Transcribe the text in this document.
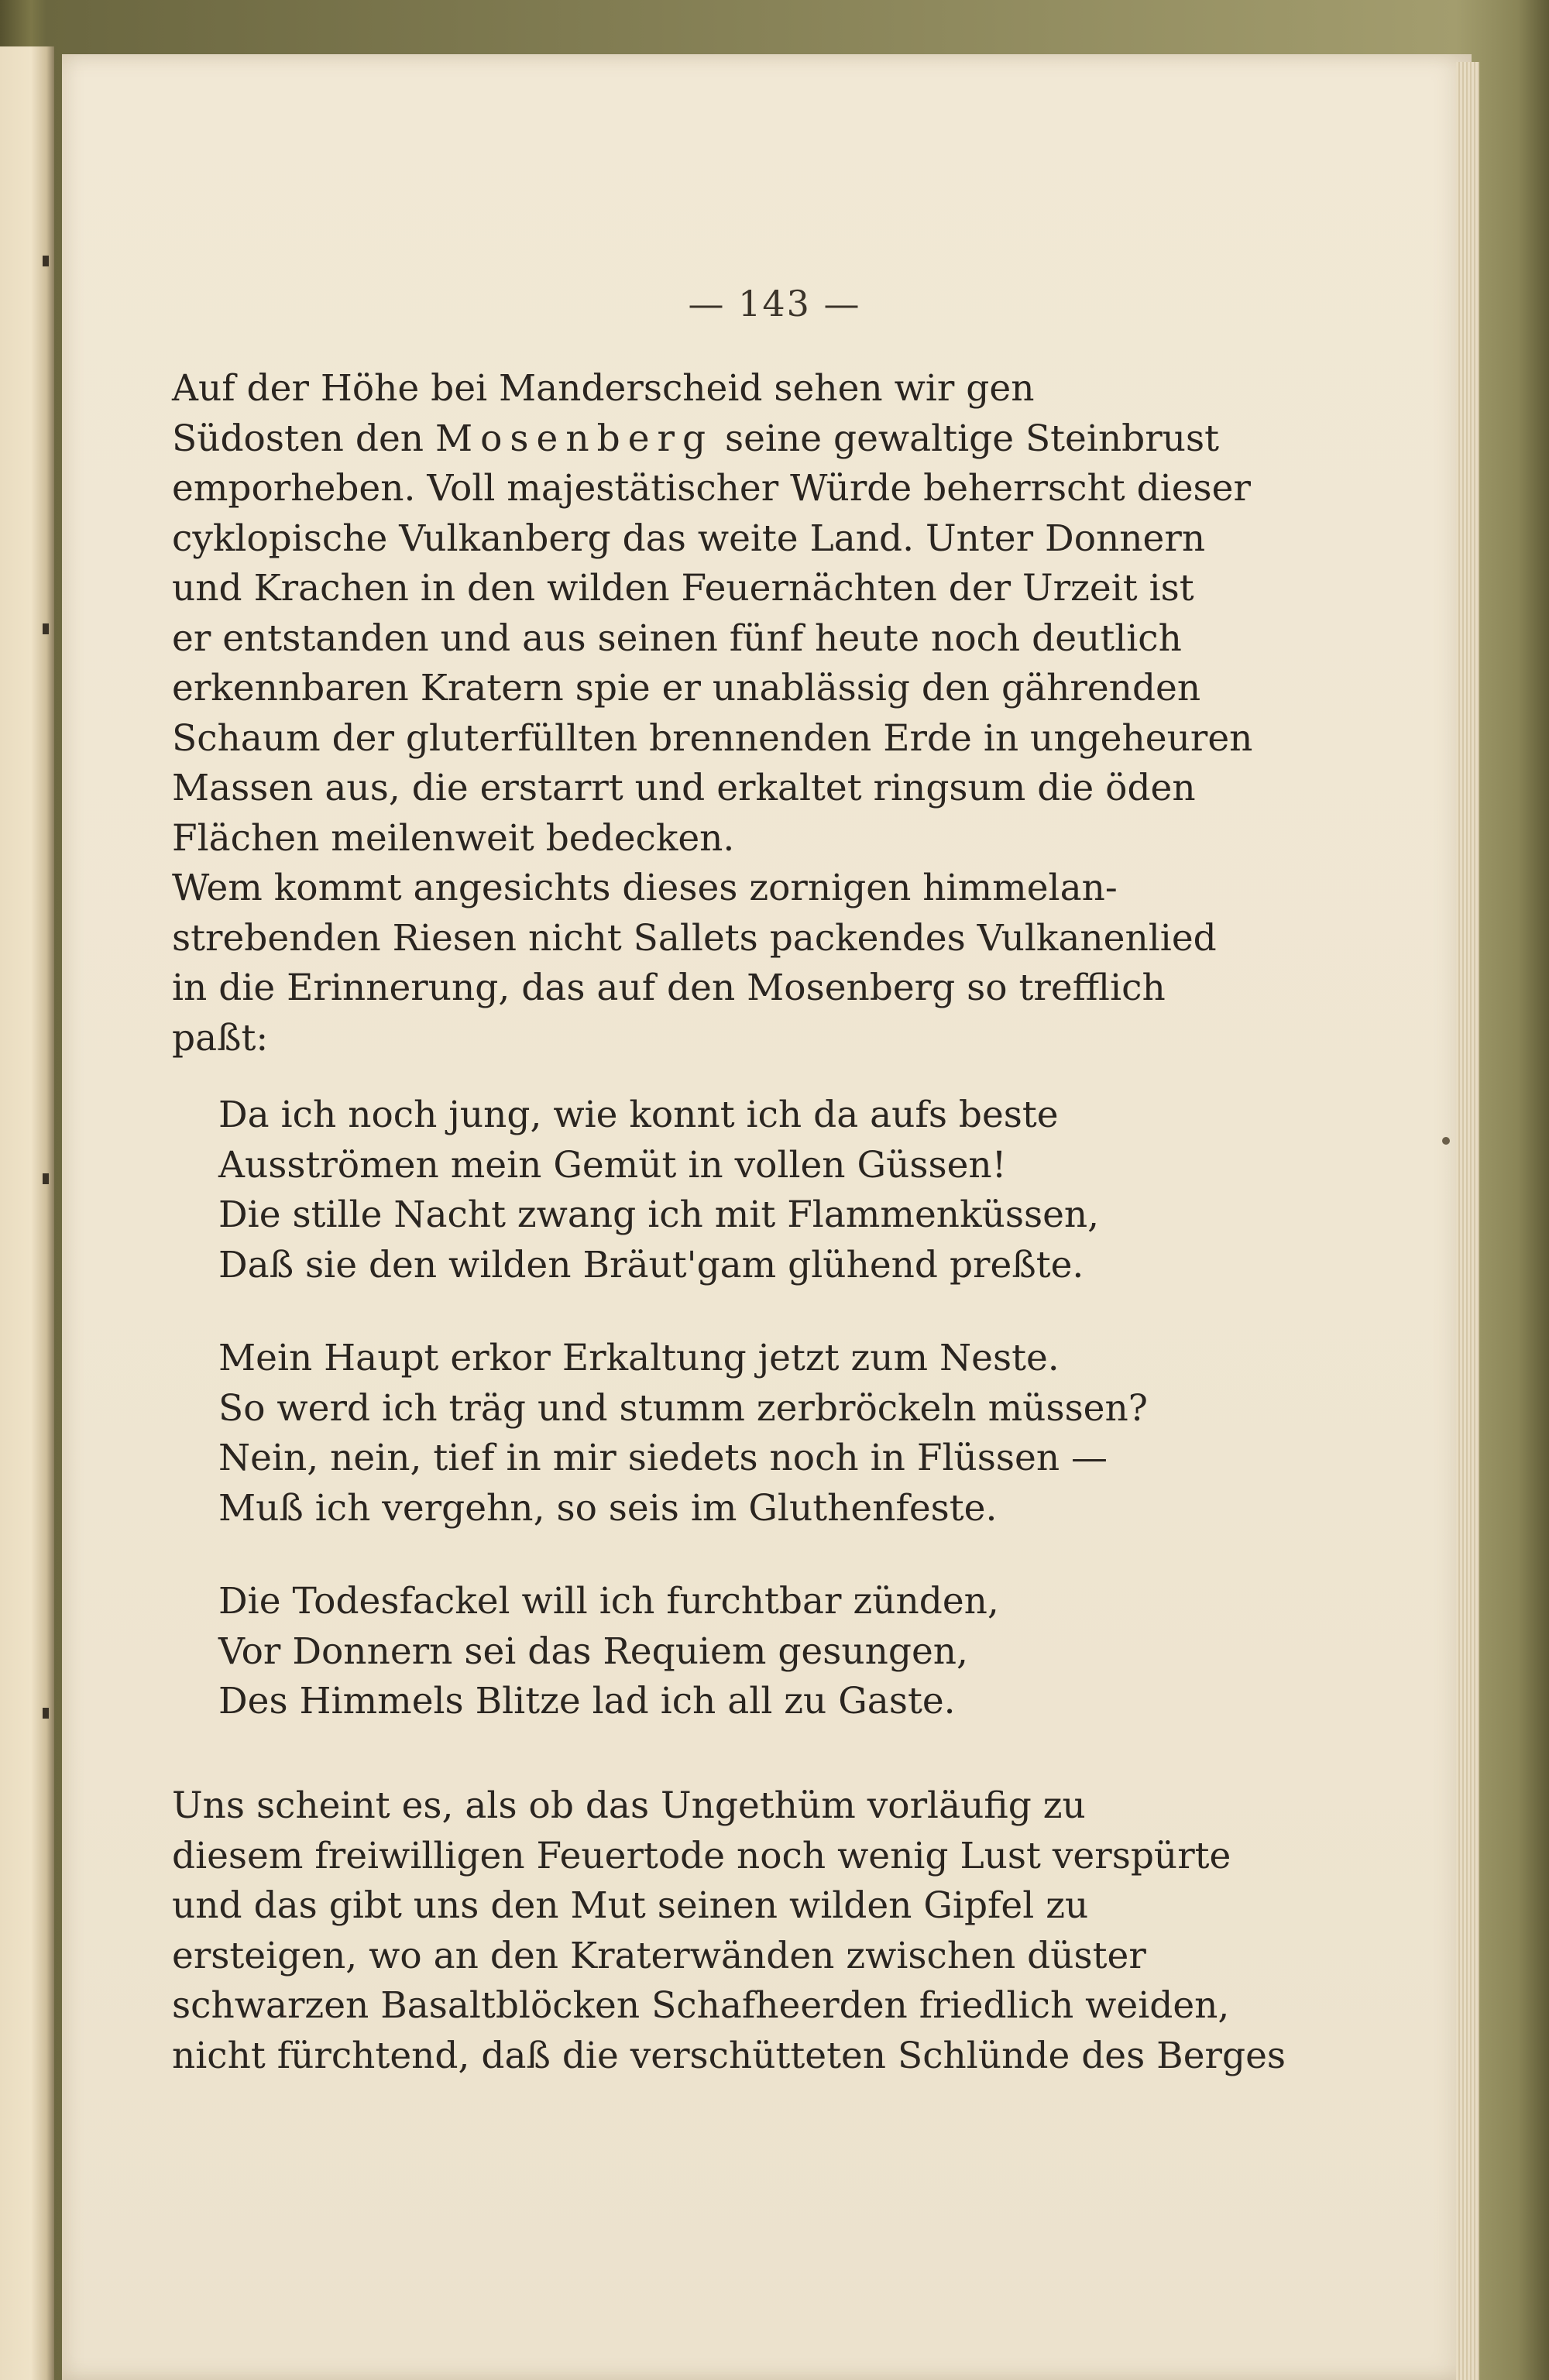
— 143 —
Auf der Höhe bei Manderscheid sehen wir gen
Südosten den Mosenberg seine gewaltige Steinbrust
emporheben. Voll majestätischer Würde beherrscht dieser
cyklopische Vulkanberg das weite Land. Unter Donnern
und Krachen in den wilden Feuernächten der Urzeit ist
er entstanden und aus seinen fünf heute noch deutlich
erkennbaren Kratern spie er unablässig den gährenden
Schaum der gluterfüllten brennenden Erde in ungeheuren
Massen aus, die erstarrt und erkaltet ringsum die öden
Flächen meilenweit bedecken.
Wem kommt angesichts dieses zornigen himmelan-
strebenden Riesen nicht Sallets packendes Vulkanenlied
in die Erinnerung, das auf den Mosenberg so trefflich
paßt:
Da ich noch jung, wie konnt ich da aufs beste
Ausströmen mein Gemüt in vollen Güssen!
Die stille Nacht zwang ich mit Flammenküssen,
Daß sie den wilden Bräut'gam glühend preßte.
Mein Haupt erkor Erkaltung jetzt zum Neste.
So werd ich träg und stumm zerbröckeln müssen?
Nein, nein, tief in mir siedets noch in Flüssen —
Muß ich vergehn, so seis im Gluthenfeste.
Die Todesfackel will ich furchtbar zünden,
Vor Donnern sei das Requiem gesungen,
Des Himmels Blitze lad ich all zu Gaste.
Uns scheint es, als ob das Ungethüm vorläufig zu
diesem freiwilligen Feuertode noch wenig Lust verspürte
und das gibt uns den Mut seinen wilden Gipfel zu
ersteigen, wo an den Kraterwänden zwischen düster
schwarzen Basaltblöcken Schafheerden friedlich weiden,
nicht fürchtend, daß die verschütteten Schlünde des Berges
